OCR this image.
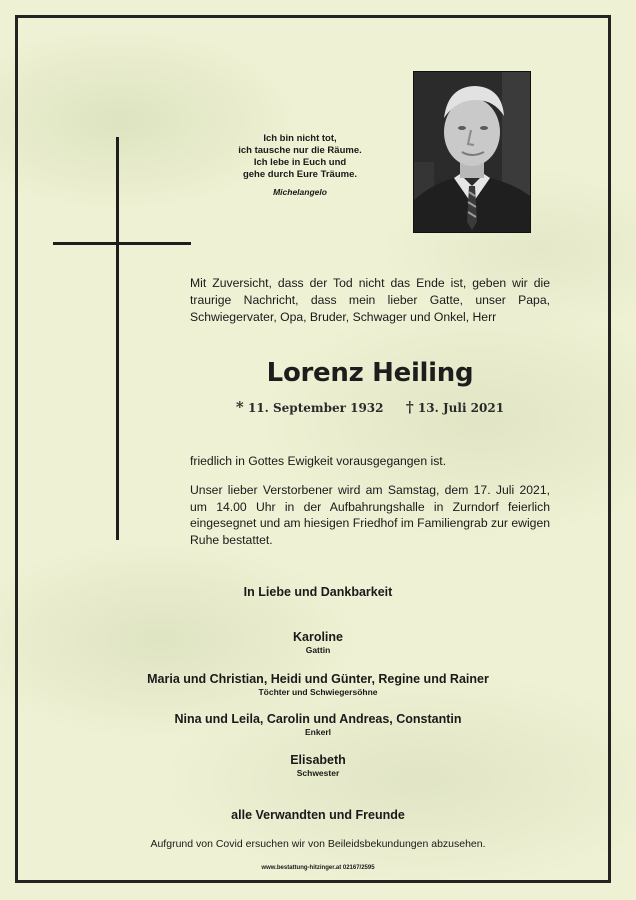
Ich bin nicht tot,
ich tausche nur die Räume.
Ich lebe in Euch und
gehe durch Eure Träume.
Michelangelo
Mit Zuversicht, dass der Tod nicht das Ende ist, geben wir die traurige Nachricht, dass mein lieber Gatte, unser Papa, Schwiegervater, Opa, Bruder, Schwager und Onkel, Herr
Lorenz Heiling
* 11. September 1932 † 13. Juli 2021
friedlich in Gottes Ewigkeit vorausgegangen ist.
Unser lieber Verstorbener wird am Samstag, dem 17. Juli 2021, um 14.00 Uhr in der Aufbahrungshalle in Zurndorf feierlich eingesegnet und am hiesigen Friedhof im Familiengrab zur ewigen Ruhe bestattet.
In Liebe und Dankbarkeit
Karoline
Gattin
Maria und Christian, Heidi und Günter, Regine und Rainer
Töchter und Schwiegersöhne
Nina und Leila, Carolin und Andreas, Constantin
Enkerl
Elisabeth
Schwester
alle Verwandten und Freunde
Aufgrund von Covid ersuchen wir von Beileidsbekundungen abzusehen.
www.bestattung-hitzinger.at 02167/2595
